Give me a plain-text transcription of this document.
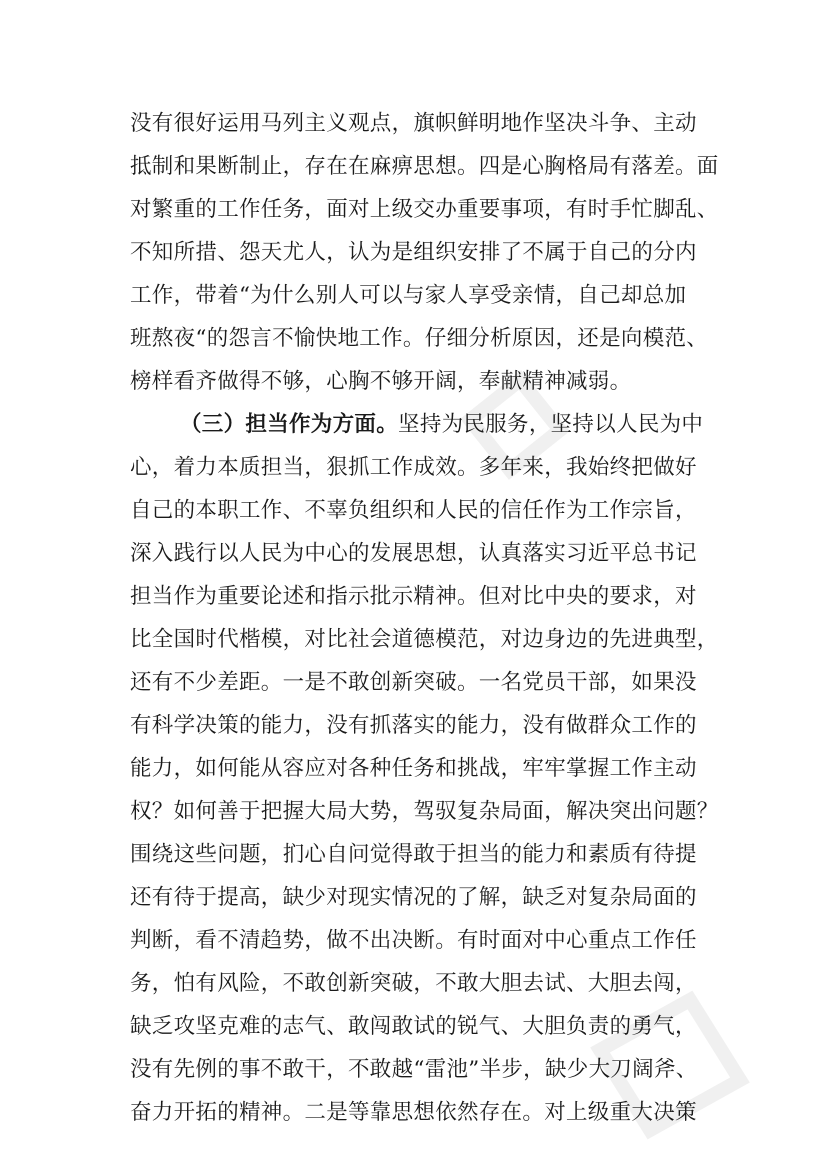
没有很好运用马列主义观点，旗帜鲜明地作坚决斗争、主动
抵制和果断制止，存在在麻痹思想。四是心胸格局有落差。面
对繁重的工作任务，面对上级交办重要事项，有时手忙脚乱、
不知所措、怨天尤人，认为是组织安排了不属于自己的分内
工作，带着“为什么别人可以与家人享受亲情，自己却总加
班熬夜“的怨言不愉快地工作。仔细分析原因，还是向模范、
榜样看齐做得不够，心胸不够开阔，奉献精神减弱。
（三）担当作为方面。坚持为民服务，坚持以人民为中
心，着力本质担当，狠抓工作成效。多年来，我始终把做好
自己的本职工作、不辜负组织和人民的信任作为工作宗旨，
深入践行以人民为中心的发展思想，认真落实习近平总书记
担当作为重要论述和指示批示精神。但对比中央的要求，对
比全国时代楷模，对比社会道德模范，对边身边的先进典型，
还有不少差距。一是不敢创新突破。一名党员干部，如果没
有科学决策的能力，没有抓落实的能力，没有做群众工作的
能力，如何能从容应对各种任务和挑战，牢牢掌握工作主动
权？如何善于把握大局大势，驾驭复杂局面，解决突出问题？
围绕这些问题，扪心自问觉得敢于担当的能力和素质有待提
还有待于提高，缺少对现实情况的了解，缺乏对复杂局面的
判断，看不清趋势，做不出决断。有时面对中心重点工作任
务，怕有风险，不敢创新突破，不敢大胆去试、大胆去闯，
缺乏攻坚克难的志气、敢闯敢试的锐气、大胆负责的勇气，
没有先例的事不敢干，不敢越“雷池”半步，缺少大刀阔斧、
奋力开拓的精神。二是等靠思想依然存在。对上级重大决策
